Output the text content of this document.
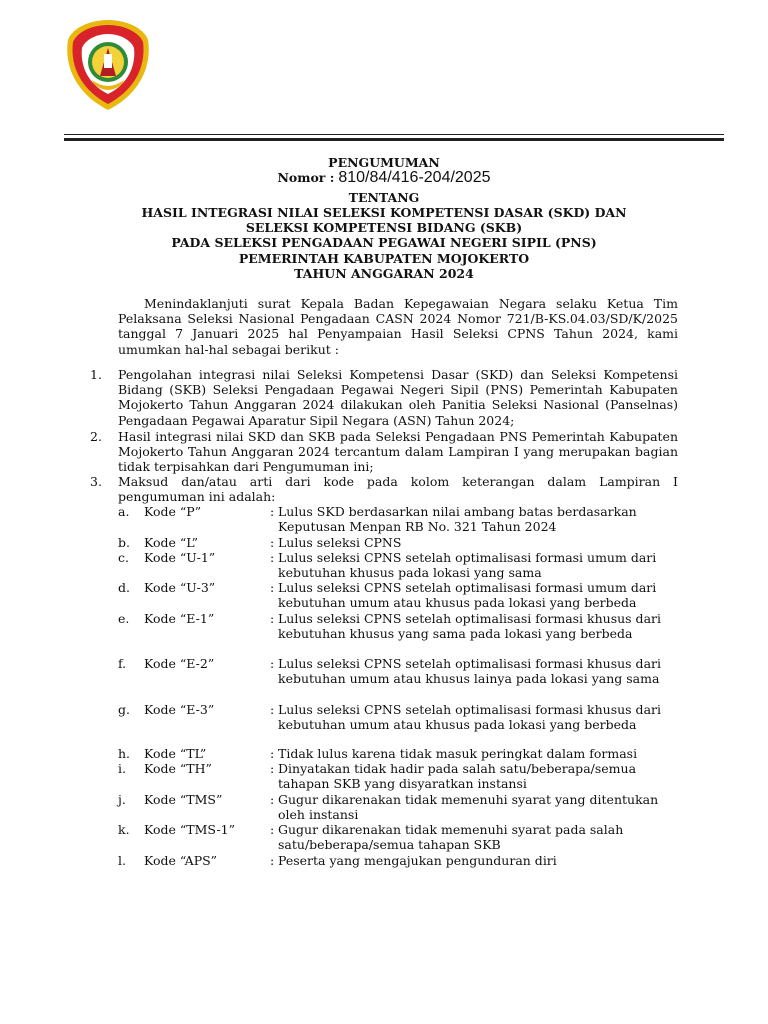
PENGUMUMAN
Nomor : 810/84/416-204/2025
TENTANG
HASIL INTEGRASI NILAI SELEKSI KOMPETENSI DASAR (SKD) DAN
SELEKSI KOMPETENSI BIDANG (SKB)
PADA SELEKSI PENGADAAN PEGAWAI NEGERI SIPIL (PNS)
PEMERINTAH KABUPATEN MOJOKERTO
TAHUN ANGGARAN 2024
Menindaklanjuti surat Kepala Badan Kepegawaian Negara selaku Ketua Tim Pelaksana Seleksi Nasional Pengadaan CASN 2024 Nomor 721/B-KS.04.03/SD/K/2025 tanggal 7 Januari 2025 hal Penyampaian Hasil Seleksi CPNS Tahun 2024, kami umumkan hal-hal sebagai berikut :
1. Pengolahan integrasi nilai Seleksi Kompetensi Dasar (SKD) dan Seleksi Kompetensi Bidang (SKB) Seleksi Pengadaan Pegawai Negeri Sipil (PNS) Pemerintah Kabupaten Mojokerto Tahun Anggaran 2024 dilakukan oleh Panitia Seleksi Nasional (Panselnas) Pengadaan Pegawai Aparatur Sipil Negara (ASN) Tahun 2024;
2. Hasil integrasi nilai SKD dan SKB pada Seleksi Pengadaan PNS Pemerintah Kabupaten Mojokerto Tahun Anggaran 2024 tercantum dalam Lampiran I yang merupakan bagian tidak terpisahkan dari Pengumuman ini;
3. Maksud dan/atau arti dari kode pada kolom keterangan dalam Lampiran I pengumuman ini adalah:
a. Kode “P”	: Lulus SKD berdasarkan nilai ambang batas berdasarkan Keputusan Menpan RB No. 321 Tahun 2024
b. Kode “L”	: Lulus seleksi CPNS
c. Kode “U-1”	: Lulus seleksi CPNS setelah optimalisasi formasi umum dari kebutuhan khusus pada lokasi yang sama
d. Kode “U-3”	: Lulus seleksi CPNS setelah optimalisasi formasi umum dari kebutuhan umum atau khusus pada lokasi yang berbeda
e. Kode “E-1”	: Lulus seleksi CPNS setelah optimalisasi formasi khusus dari kebutuhan khusus yang sama pada lokasi yang berbeda
f. Kode “E-2”	: Lulus seleksi CPNS setelah optimalisasi formasi khusus dari kebutuhan umum atau khusus lainya pada lokasi yang sama
g. Kode “E-3”	: Lulus seleksi CPNS setelah optimalisasi formasi khusus dari kebutuhan umum atau khusus pada lokasi yang berbeda
h. Kode “TL”	: Tidak lulus karena tidak masuk peringkat dalam formasi
i. Kode “TH”	: Dinyatakan tidak hadir pada salah satu/beberapa/semua tahapan SKB yang disyaratkan instansi
j. Kode “TMS”	: Gugur dikarenakan tidak memenuhi syarat yang ditentukan oleh instansi
k. Kode “TMS-1”	: Gugur dikarenakan tidak memenuhi syarat pada salah satu/beberapa/semua tahapan SKB
l. Kode “APS”	: Peserta yang mengajukan pengunduran diri
